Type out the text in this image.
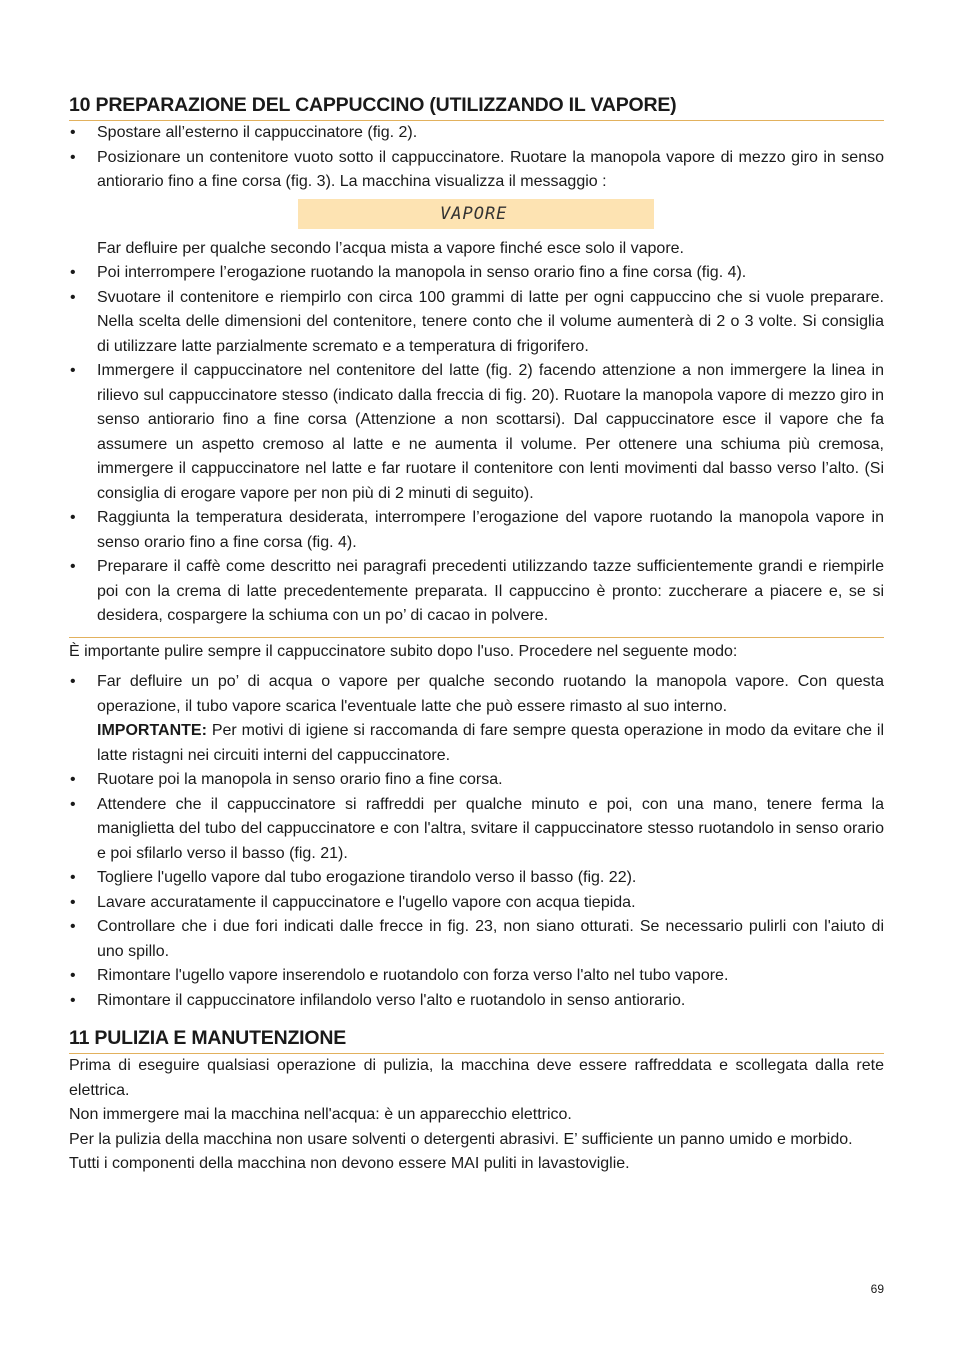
10 PREPARAZIONE DEL CAPPUCCINO (UTILIZZANDO IL VAPORE)
• Spostare all’esterno il cappuccinatore (fig. 2).
• Posizionare un contenitore vuoto sotto il cappuccinatore. Ruotare la manopola vapore di mezzo giro in senso antiorario fino a fine corsa (fig. 3). La macchina visualizza il messaggio :
VAPORE
Far defluire per qualche secondo l’acqua mista a vapore finché esce solo il vapore.
• Poi interrompere l’erogazione ruotando la manopola in senso orario fino a fine corsa (fig. 4).
• Svuotare il contenitore e riempirlo con circa 100 grammi di latte per ogni cappuccino che si vuole preparare. Nella scelta delle dimensioni del contenitore, tenere conto che il volume aumenterà di 2 o 3 volte. Si consiglia di utilizzare latte parzialmente scremato e a temperatura di frigorifero.
• Immergere il cappuccinatore nel contenitore del latte (fig. 2) facendo attenzione a non immergere la linea in rilievo sul cappuccinatore stesso (indicato dalla freccia di fig. 20). Ruotare la manopola vapore di mezzo giro in senso antiorario fino a fine corsa (Attenzione a non scottarsi). Dal cappuccinatore esce il vapore che fa assumere un aspetto cremoso al latte e ne aumenta il volume. Per ottenere una schiuma più cremosa, immergere il cappuccinatore nel latte e far ruotare il contenitore con lenti movimenti dal basso verso l’alto. (Si consiglia di erogare vapore per non più di 2 minuti di seguito).
• Raggiunta la temperatura desiderata, interrompere l’erogazione del vapore ruotando la manopola vapore in senso orario fino a fine corsa (fig. 4).
• Preparare il caffè come descritto nei paragrafi precedenti utilizzando tazze sufficientemente grandi e riempirle poi con la crema di latte precedentemente preparata. Il cappuccino è pronto: zuccherare a piacere e, se si desidera, cospargere la schiuma con un po’ di cacao in polvere.

È importante pulire sempre il cappuccinatore subito dopo l'uso. Procedere nel seguente modo:

• Far defluire un po’ di acqua o vapore per qualche secondo ruotando la manopola vapore. Con questa operazione, il tubo vapore scarica l'eventuale latte che può essere rimasto al suo interno.
IMPORTANTE: Per motivi di igiene si raccomanda di fare sempre questa operazione in modo da evitare che il latte ristagni nei circuiti interni del cappuccinatore.
• Ruotare poi la manopola in senso orario fino a fine corsa.
• Attendere che il cappuccinatore si raffreddi per qualche minuto e poi, con una mano, tenere ferma la maniglietta del tubo del cappuccinatore e con l'altra, svitare il cappuccinatore stesso ruotandolo in senso orario e poi sfilarlo verso il basso (fig. 21).
• Togliere l'ugello vapore dal tubo erogazione tirandolo verso il basso (fig. 22).
• Lavare accuratamente il cappuccinatore e l'ugello vapore con acqua tiepida.
• Controllare che i due fori indicati dalle frecce in fig. 23, non siano otturati. Se necessario pulirli con l'aiuto di uno spillo.
• Rimontare l'ugello vapore inserendolo e ruotandolo con forza verso l'alto nel tubo vapore.
• Rimontare il cappuccinatore infilandolo verso l'alto e ruotandolo in senso antiorario.
11 PULIZIA E MANUTENZIONE

Prima di eseguire qualsiasi operazione di pulizia, la macchina deve essere raffreddata e scollegata dalla rete elettrica.

Non immergere mai la macchina nell'acqua: è un apparecchio elettrico.

Per la pulizia della macchina non usare solventi o detergenti abrasivi. E’ sufficiente un panno umido e morbido.

Tutti i componenti della macchina non devono essere MAI puliti in lavastoviglie.

69
